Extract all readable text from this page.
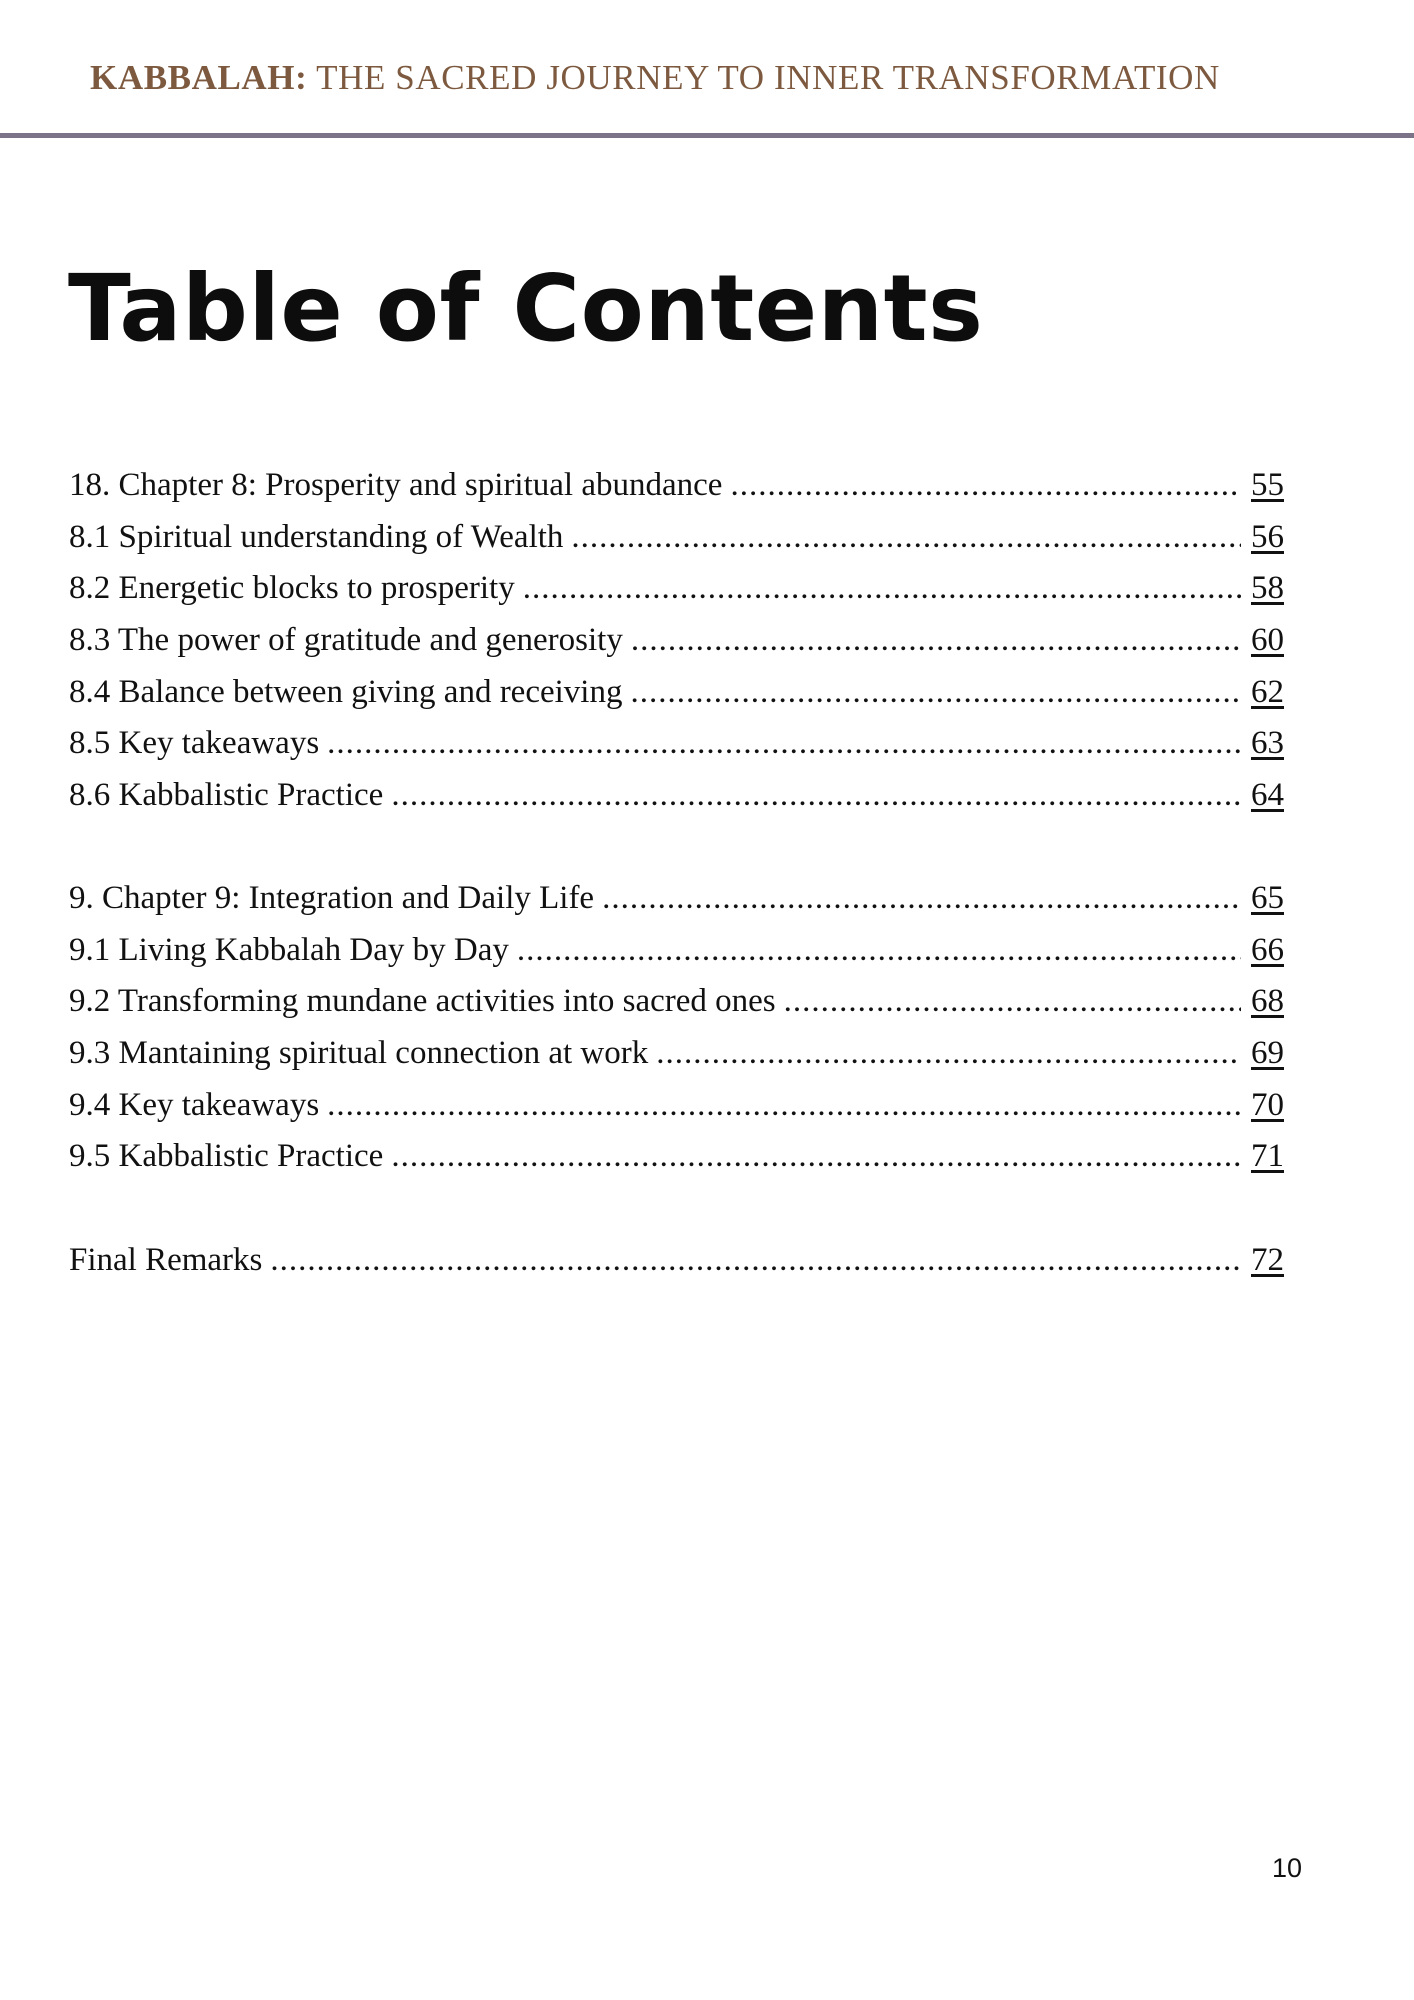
KABBALAH: THE SACRED JOURNEY TO INNER TRANSFORMATION
Table of Contents
18. Chapter 8: Prosperity and spiritual abundance .....	55
8.1 Spiritual understanding of Wealth .....	56
8.2 Energetic blocks to prosperity .....	58
8.3 The power of gratitude and generosity .....	60
8.4 Balance between giving and receiving .....	62
8.5 Key takeaways .....	63
8.6 Kabbalistic Practice .....	64
9. Chapter 9: Integration and Daily Life .....	65
9.1 Living Kabbalah Day by Day .....	66
9.2 Transforming mundane activities into sacred ones .....	68
9.3 Mantaining spiritual connection at work .....	69
9.4 Key takeaways .....	70
9.5 Kabbalistic Practice .....	71
Final Remarks .....	72
10
